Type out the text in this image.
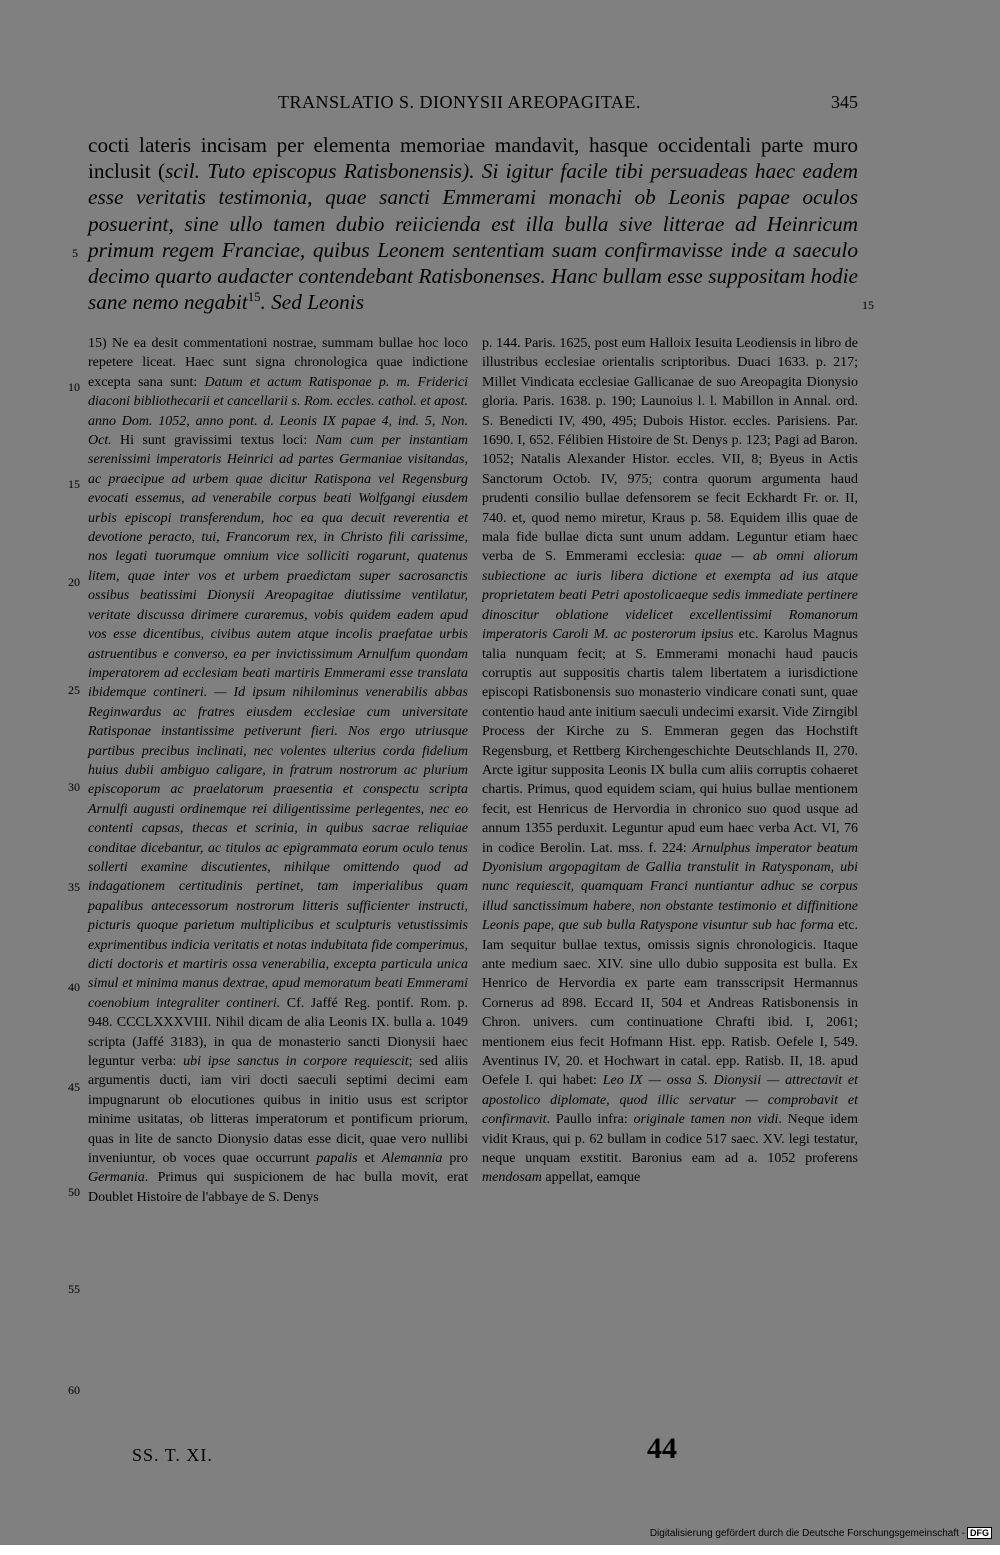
TRANSLATIO S. DIONYSII AREOPAGITAE.	345

cocti lateris incisam per elementa memoriae mandavit, hasque occidentali parte muro inclusit (scil. Tuto episcopus Ratisbonensis). Si igitur facile tibi persuadeas haec eadem esse veritatis testimonia, quae sancti Emmerami monachi ob Leonis papae oculos posuerint, sine ullo tamen dubio reiicienda est illa bulla sive litterae ad Heinricum primum regem Franciae, quibus Leonem sententiam suam confirmavisse inde a saeculo decimo quarto audacter contendebant Ratisbonenses. Hanc bullam esse suppositam hodie sane nemo negabit$^{15}$. Sed Leonis

5
15
10
15
20
25
30
35
40
45
50
55
60

15) Ne ea desit commentationi nostrae, summam bullae hoc loco repetere liceat. Haec sunt signa chronologica quae indictione excepta sana sunt: Datum et actum Ratisponae p. m. Friderici diaconi bibliothecarii et cancellarii s. Rom. eccles. cathol. et apost. anno Dom. 1052, anno pont. d. Leonis IX papae 4, ind. 5, Non. Oct. Hi sunt gravissimi textus loci: Nam cum per instantiam serenissimi imperatoris Heinrici ad partes Germaniae visitandas, ac praecipue ad urbem quae dicitur Ratispona vel Regensburg evocati essemus, ad venerabile corpus beati Wolfgangi eiusdem urbis episcopi transferendum, hoc ea qua decuit reverentia et devotione peracto, tui, Francorum rex, in Christo fili carissime, nos legati tuorumque omnium vice solliciti rogarunt, quatenus litem, quae inter vos et urbem praedictam super sacrosanctis ossibus beatissimi Dionysii Areopagitae diutissime ventilatur, veritate discussa dirimere curaremus, vobis quidem eadem apud vos esse dicentibus, civibus autem atque incolis praefatae urbis astruentibus e converso, ea per invictissimum Arnulfum quondam imperatorem ad ecclesiam beati martiris Emmerami esse translata ibidemque contineri. — Id ipsum nihilominus venerabilis abbas Reginwardus ac fratres eiusdem ecclesiae cum universitate Ratisponae instantissime petiverunt fieri. Nos ergo utriusque partibus precibus inclinati, nec volentes ulterius corda fidelium huius dubii ambiguo caligare, in fratrum nostrorum ac plurium episcoporum ac praelatorum praesentia et conspectu scripta Arnulfi augusti ordinemque rei diligentissime perlegentes, nec eo contenti capsas, thecas et scrinia, in quibus sacrae reliquiae conditae dicebantur, ac titulos ac epigrammata eorum oculo tenus sollerti examine discutientes, nihilque omittendo quod ad indagationem certitudinis pertinet, tam imperialibus quam papalibus antecessorum nostrorum litteris sufficienter instructi, picturis quoque parietum multiplicibus et sculpturis vetustissimis exprimentibus indicia veritatis et notas indubitata fide comperimus, dicti doctoris et martiris ossa venerabilia, excepta particula unica simul et minima manus dextrae, apud memoratum beati Emmerami coenobium integraliter contineri. Cf. Jaffé Reg. pontif. Rom. p. 948. CCCLXXXVIII. Nihil dicam de alia Leonis IX. bulla a. 1049 scripta (Jaffé 3183), in qua de monasterio sancti Dionysii haec leguntur verba: ubi ipse sanctus in corpore requiescit; sed aliis argumentis ducti, iam viri docti saeculi septimi decimi eam impugnarunt ob elocutiones quibus in initio usus est scriptor minime usitatas, ob litteras imperatorum et pontificum priorum, quas in lite de sancto Dionysio datas esse dicit, quae vero nullibi inveniuntur, ob voces quae occurrunt papalis et Alemannia pro Germania. Primus qui suspicionem de hac bulla movit, erat Doublet Histoire de l'abbaye de S. Denys

p. 144. Paris. 1625, post eum Halloix Iesuita Leodiensis in libro de illustribus ecclesiae orientalis scriptoribus. Duaci 1633. p. 217; Millet Vindicata ecclesiae Gallicanae de suo Areopagita Dionysio gloria. Paris. 1638. p. 190; Launoius l. l. Mabillon in Annal. ord. S. Benedicti IV, 490, 495; Dubois Histor. eccles. Parisiens. Par. 1690. I, 652. Félibien Histoire de St. Denys p. 123; Pagi ad Baron. 1052; Natalis Alexander Histor. eccles. VII, 8; Byeus in Actis Sanctorum Octob. IV, 975; contra quorum argumenta haud prudenti consilio bullae defensorem se fecit Eckhardt Fr. or. II, 740. et, quod nemo miretur, Kraus p. 58. Equidem illis quae de mala fide bullae dicta sunt unum addam. Leguntur etiam haec verba de S. Emmerami ecclesia: quae — ab omni aliorum subiectione ac iuris libera dictione et exempta ad ius atque proprietatem beati Petri apostolicaeque sedis immediate pertinere dinoscitur oblatione videlicet excellentissimi Romanorum imperatoris Caroli M. ac posterorum ipsius etc. Karolus Magnus talia nunquam fecit; at S. Emmerami monachi haud paucis corruptis aut suppositis chartis talem libertatem a iurisdictione episcopi Ratisbonensis suo monasterio vindicare conati sunt, quae contentio haud ante initium saeculi undecimi exarsit. Vide Zirngibl Process der Kirche zu S. Emmeran gegen das Hochstift Regensburg, et Rettberg Kirchengeschichte Deutschlands II, 270. Arcte igitur supposita Leonis IX bulla cum aliis corruptis cohaeret chartis. Primus, quod equidem sciam, qui huius bullae mentionem fecit, est Henricus de Hervordia in chronico suo quod usque ad annum 1355 perduxit. Leguntur apud eum haec verba Act. VI, 76 in codice Berolin. Lat. mss. f. 224: Arnulphus imperator beatum Dyonisium argopagitam de Gallia transtulit in Ratysponam, ubi nunc requiescit, quamquam Franci nuntiantur adhuc se corpus illud sanctissimum habere, non obstante testimonio et diffinitione Leonis pape, que sub bulla Ratyspone visuntur sub hac forma etc. Iam sequitur bullae textus, omissis signis chronologicis. Itaque ante medium saec. XIV. sine ullo dubio supposita est bulla. Ex Henrico de Hervordia ex parte eam transscripsit Hermannus Cornerus ad 898. Eccard II, 504 et Andreas Ratisbonensis in Chron. univers. cum continuatione Chrafti ibid. I, 2061; mentionem eius fecit Hofmann Hist. epp. Ratisb. Oefele I, 549. Aventinus IV, 20. et Hochwart in catal. epp. Ratisb. II, 18. apud Oefele I. qui habet: Leo IX — ossa S. Dionysii — attrectavit et apostolico diplomate, quod illic servatur — comprobavit et confirmavit. Paullo infra: originale tamen non vidi. Neque idem vidit Kraus, qui p. 62 bullam in codice 517 saec. XV. legi testatur, neque unquam exstitit. Baronius eam ad a. 1052 proferens mendosam appellat, eamque

SS. T. XI.	44
Digitalisierung gefördert durch die Deutsche Forschungsgemeinschaft - DFG
